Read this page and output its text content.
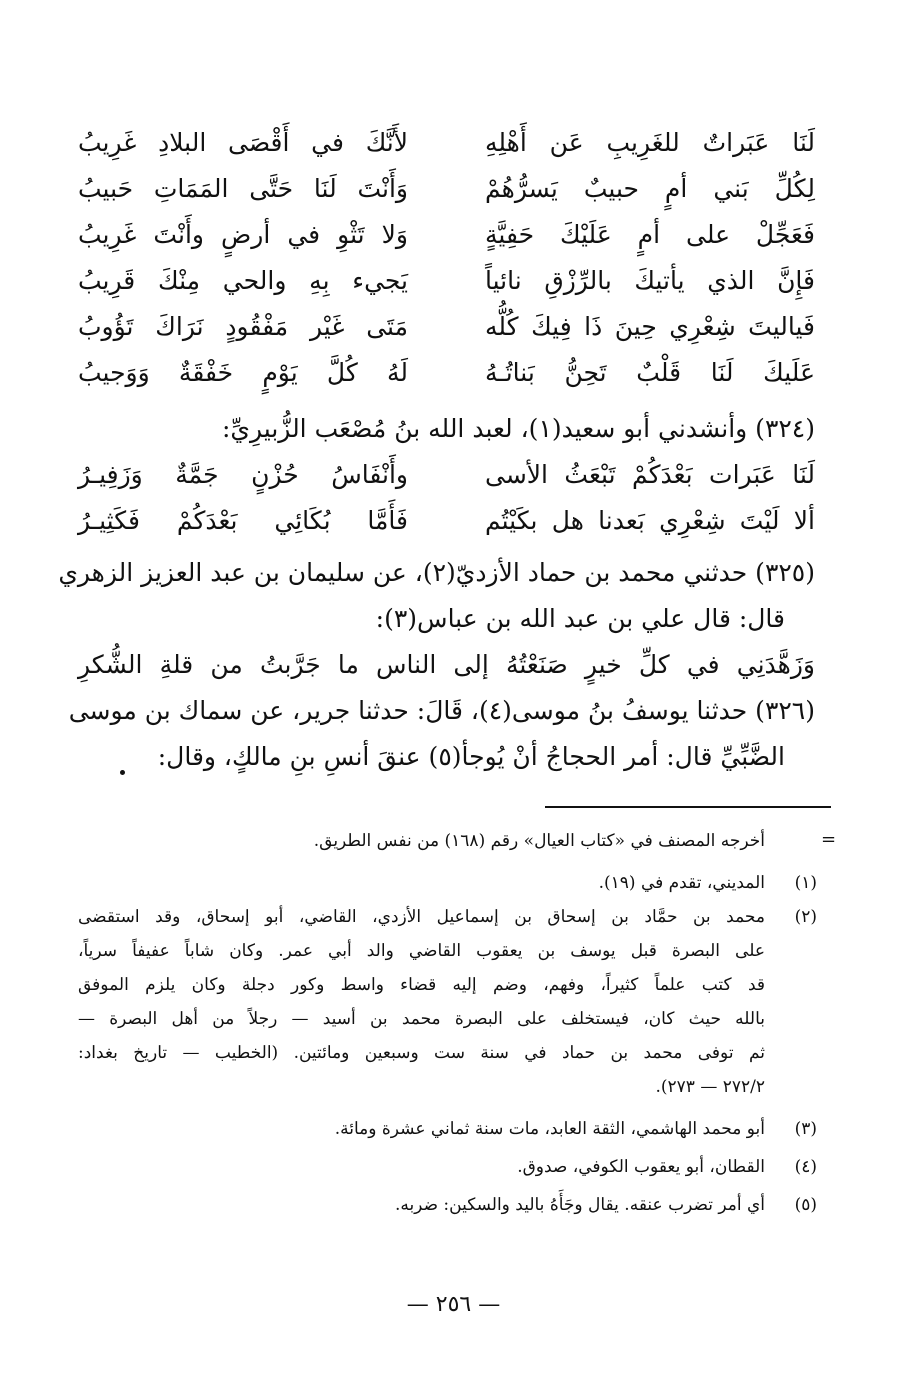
لَنَا عَبَراتٌ للغَرِيبِ عَن أَهْلِهِ
لأَنَّكَ في أَقْصَى البلادِ غَرِيبُ
لِكُلِّ بَني أمٍ حبيبٌ يَسرُّهُمْ
وَأَنْتَ لَنَا حَتَّى المَمَاتِ حَبيبُ
فَعَجِّلْ على أمٍ عَلَيْكَ حَفِيَّةٍ
وَلا تَثْوِ في أرضٍ وأَنْتَ غَرِيبُ
فَإِنَّ الذي يأتيكَ بالرِّزْقِ نائياً
يَجيء بِهِ والحي مِنْكَ قَرِيبُ
فَياليتَ شِعْرِي حِينَ ذَا فِيكَ كُلُّه
مَتَى غَيْر مَفْقُودٍ نَرَاكَ تَؤُوبُ
عَلَيكَ لَنَا قَلْبٌ تَحِنُّ بَناتُـهُ
لَهُ كُلَّ يَوْمٍ خَفْقَةٌ وَوَجيبُ
(٣٢٤) وأنشدني أبو سعيد(١)، لعبد الله بنُ مُصْعَب الزُّبيرِيِّ:
لَنَا عَبَرات بَعْدَكُمْ تَبْعَثُ الأسى
وأَنْفَاسُ حُزْنٍ جَمَّةٌ وَزَفِيـرُ
ألا لَيْتَ شِعْرِي بَعدنا هل بكَيْتُم
فَأَمَّا بُكَائِي بَعْدَكُمْ فَكَثِيـرُ
(٣٢٥) حدثني محمد بن حماد الأزديّ(٢)، عن سليمان بن عبد العزيز الزهري
قال: قال علي بن عبد الله بن عباس(٣):
وَزَهَّدَنِي في كلِّ خيرٍ صَنَعْتُهُ إلى الناس ما جَرَّبتُ من قلةِ الشُّكرِ
(٣٢٦) حدثنا يوسفُ بنُ موسى(٤)، قَالَ: حدثنا جرير، عن سماك بن موسى
الضَّبِّيِّ قال: أمر الحجاجُ أنْ يُوجأ(٥) عنقَ أنسِ بنِ مالكٍ، وقال:
=
أخرجه المصنف في «كتاب العيال» رقم (١٦٨) من نفس الطريق.
(١)
المديني، تقدم في (١٩).
(٢)
محمد بن حمَّاد بن إسحاق بن إسماعيل الأزدي، القاضي، أبو إسحاق، وقد استقضى
على البصرة قبل يوسف بن يعقوب القاضي والد أبي عمر. وكان شاباً عفيفاً سرياً،
قد كتب علماً كثيراً، وفهم، وضم إليه قضاء واسط وكور دجلة وكان يلزم الموفق
بالله حيث كان، فيستخلف على البصرة محمد بن أسيد — رجلاً من أهل البصرة —
ثم توفى محمد بن حماد في سنة ست وسبعين ومائتين. (الخطيب — تاريخ بغداد:
٢٧٢/٢ — ٢٧٣).
(٣)
أبو محمد الهاشمي، الثقة العابد، مات سنة ثماني عشرة ومائة.
(٤)
القطان، أبو يعقوب الكوفي، صدوق.
(٥)
أي أمر تضرب عنقه. يقال وجَأَهُ باليد والسكين: ضربه.
— ٢٥٦ —
